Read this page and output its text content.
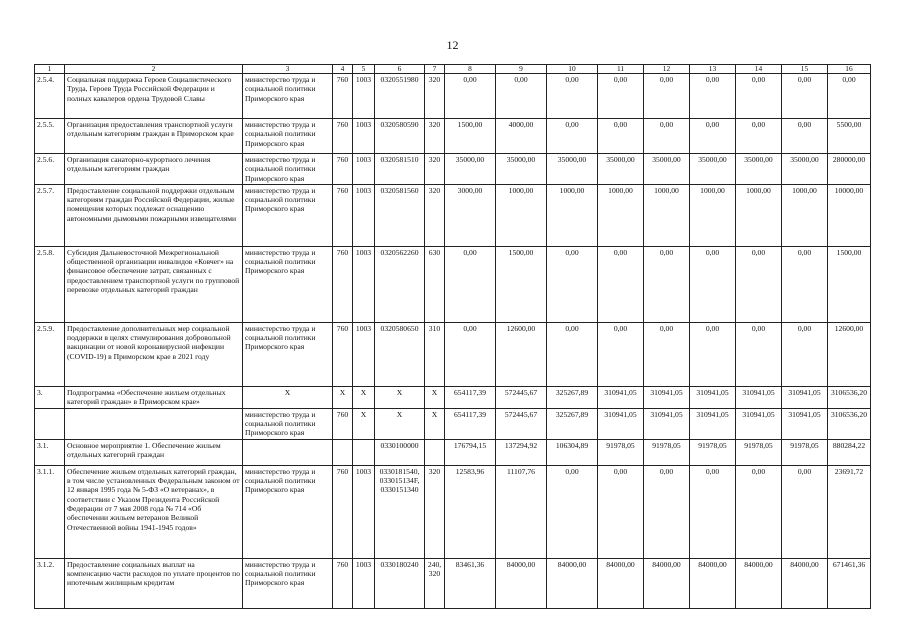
12
1	2	3	4	5	6	7	8	9	10	11	12	13	14	15	16
2.5.4.	Социальная поддержка Героев Социалистического Труда, Героев Труда Российской Федерации и полных кавалеров ордена Трудовой Славы	министерство труда и социальной политики Приморского края	760	1003	0320551980	320	0,00	0,00	0,00	0,00	0,00	0,00	0,00	0,00	0,00
2.5.5.	Организация предоставления транспортной услуги отдельным категориям граждан в Приморском крае	министерство труда и социальной политики Приморского края	760	1003	0320580590	320	1500,00	4000,00	0,00	0,00	0,00	0,00	0,00	0,00	5500,00
2.5.6.	Организация санаторно-курортного лечения отдельным категориям граждан	министерство труда и социальной политики Приморского края	760	1003	0320581510	320	35000,00	35000,00	35000,00	35000,00	35000,00	35000,00	35000,00	35000,00	280000,00
2.5.7.	Предоставление социальной поддержки отдельным категориям граждан Российской Федерации, жилые помещения которых подлежат оснащению автономными дымовыми пожарными извещателями	министерство труда и социальной политики Приморского края	760	1003	0320581560	320	3000,00	1000,00	1000,00	1000,00	1000,00	1000,00	1000,00	1000,00	10000,00
2.5.8.	Субсидия Дальневосточной Межрегиональной общественной организации инвалидов «Ковчег» на финансовое обеспечение затрат, связанных с предоставлением транспортной услуги по групповой перевозке отдельных категорий граждан	министерство труда и социальной политики Приморского края	760	1003	0320562260	630	0,00	1500,00	0,00	0,00	0,00	0,00	0,00	0,00	1500,00
2.5.9.	Предоставление дополнительных мер социальной поддержки в целях стимулирования добровольной вакцинации от новой коронавирусной инфекции (COVID-19) в Приморском крае в 2021 году	министерство труда и социальной политики Приморского края	760	1003	0320580650	310	0,00	12600,00	0,00	0,00	0,00	0,00	0,00	0,00	12600,00
3.	Подпрограмма «Обеспечение жильем отдельных категорий граждан» в Приморском крае»	Х	Х	Х	Х	Х	654117,39	572445,67	325267,89	310941,05	310941,05	310941,05	310941,05	310941,05	3106536,20
		министерство труда и социальной политики Приморского края	760	Х	Х	Х	654117,39	572445,67	325267,89	310941,05	310941,05	310941,05	310941,05	310941,05	3106536,20
3.1.	Основное мероприятие 1. Обеспечение жильем отдельных категорий граждан				0330100000		176794,15	137294,92	106304,89	91978,05	91978,05	91978,05	91978,05	91978,05	880284,22
3.1.1.	Обеспечение жильем отдельных категорий граждан, в том числе установленных Федеральным законом от 12 января 1995 года № 5-ФЗ «О ветеранах», в соответствии с Указом Президента Российской Федерации от 7 мая 2008 года № 714 «Об обеспечении жильем ветеранов Великой Отечественной войны 1941-1945 годов»	министерство труда и социальной политики Приморского края	760	1003	0330181540, 033015134F, 0330151340	320	12583,96	11107,76	0,00	0,00	0,00	0,00	0,00	0,00	23691,72
3.1.2.	Предоставление социальных выплат на компенсацию части расходов по уплате процентов по ипотечным жилищным кредитам	министерство труда и социальной политики Приморского края	760	1003	0330180240	240, 320	83461,36	84000,00	84000,00	84000,00	84000,00	84000,00	84000,00	84000,00	671461,36
